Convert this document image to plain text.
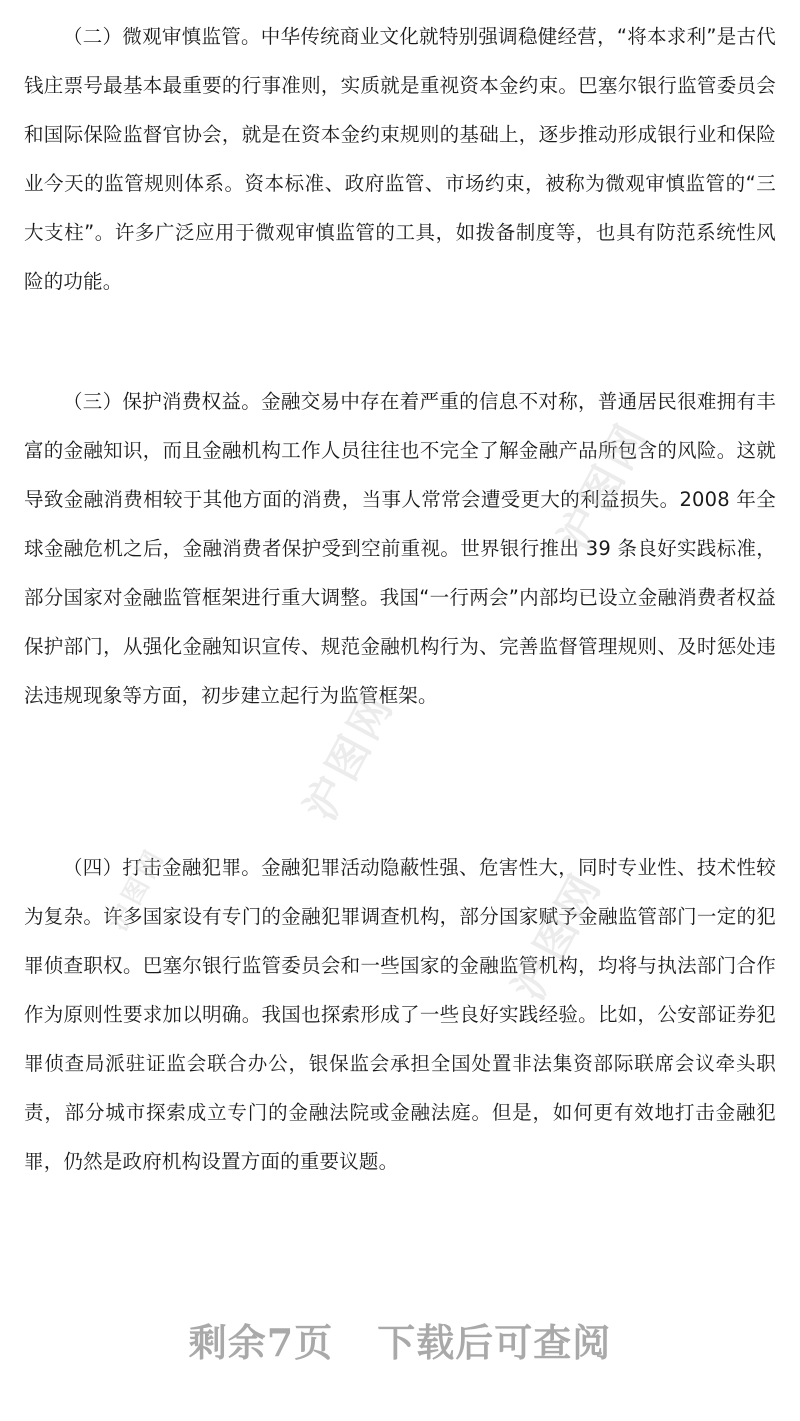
（二）微观审慎监管。中华传统商业文化就特别强调稳健经营，“将本求利”是古代钱庄票号最基本最重要的行事准则，实质就是重视资本金约束。巴塞尔银行监管委员会和国际保险监督官协会，就是在资本金约束规则的基础上，逐步推动形成银行业和保险业今天的监管规则体系。资本标准、政府监管、市场约束，被称为微观审慎监管的“三大支柱”。许多广泛应用于微观审慎监管的工具，如拨备制度等，也具有防范系统性风险的功能。

（三）保护消费权益。金融交易中存在着严重的信息不对称，普通居民很难拥有丰富的金融知识，而且金融机构工作人员往往也不完全了解金融产品所包含的风险。这就导致金融消费相较于其他方面的消费，当事人常常会遭受更大的利益损失。2008 年全球金融危机之后，金融消费者保护受到空前重视。世界银行推出 39 条良好实践标准，部分国家对金融监管框架进行重大调整。我国“一行两会”内部均已设立金融消费者权益保护部门，从强化金融知识宣传、规范金融机构行为、完善监督管理规则、及时惩处违法违规现象等方面，初步建立起行为监管框架。

（四）打击金融犯罪。金融犯罪活动隐蔽性强、危害性大，同时专业性、技术性较为复杂。许多国家设有专门的金融犯罪调查机构，部分国家赋予金融监管部门一定的犯罪侦查职权。巴塞尔银行监管委员会和一些国家的金融监管机构，均将与执法部门合作作为原则性要求加以明确。我国也探索形成了一些良好实践经验。比如，公安部证券犯罪侦查局派驻证监会联合办公，银保监会承担全国处置非法集资部际联席会议牵头职责，部分城市探索成立专门的金融法院或金融法庭。但是，如何更有效地打击金融犯罪，仍然是政府机构设置方面的重要议题。

沪图网
沪图网
沪图网
沪图网
剩余7页 下载后可查阅
